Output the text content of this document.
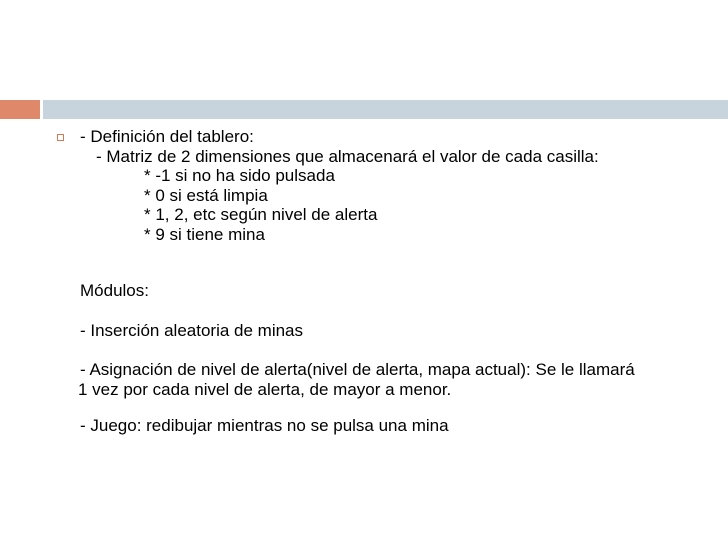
- Definición del tablero:
- Matriz de 2 dimensiones que almacenará el valor de cada casilla:
* -1 si no ha sido pulsada
* 0 si está limpia
* 1, 2, etc según nivel de alerta
* 9 si tiene mina
Módulos:
- Inserción aleatoria de minas
- Asignación de nivel de alerta(nivel de alerta, mapa actual): Se le llamará
1 vez por cada nivel de alerta, de mayor a menor.
- Juego: redibujar mientras no se pulsa una mina
